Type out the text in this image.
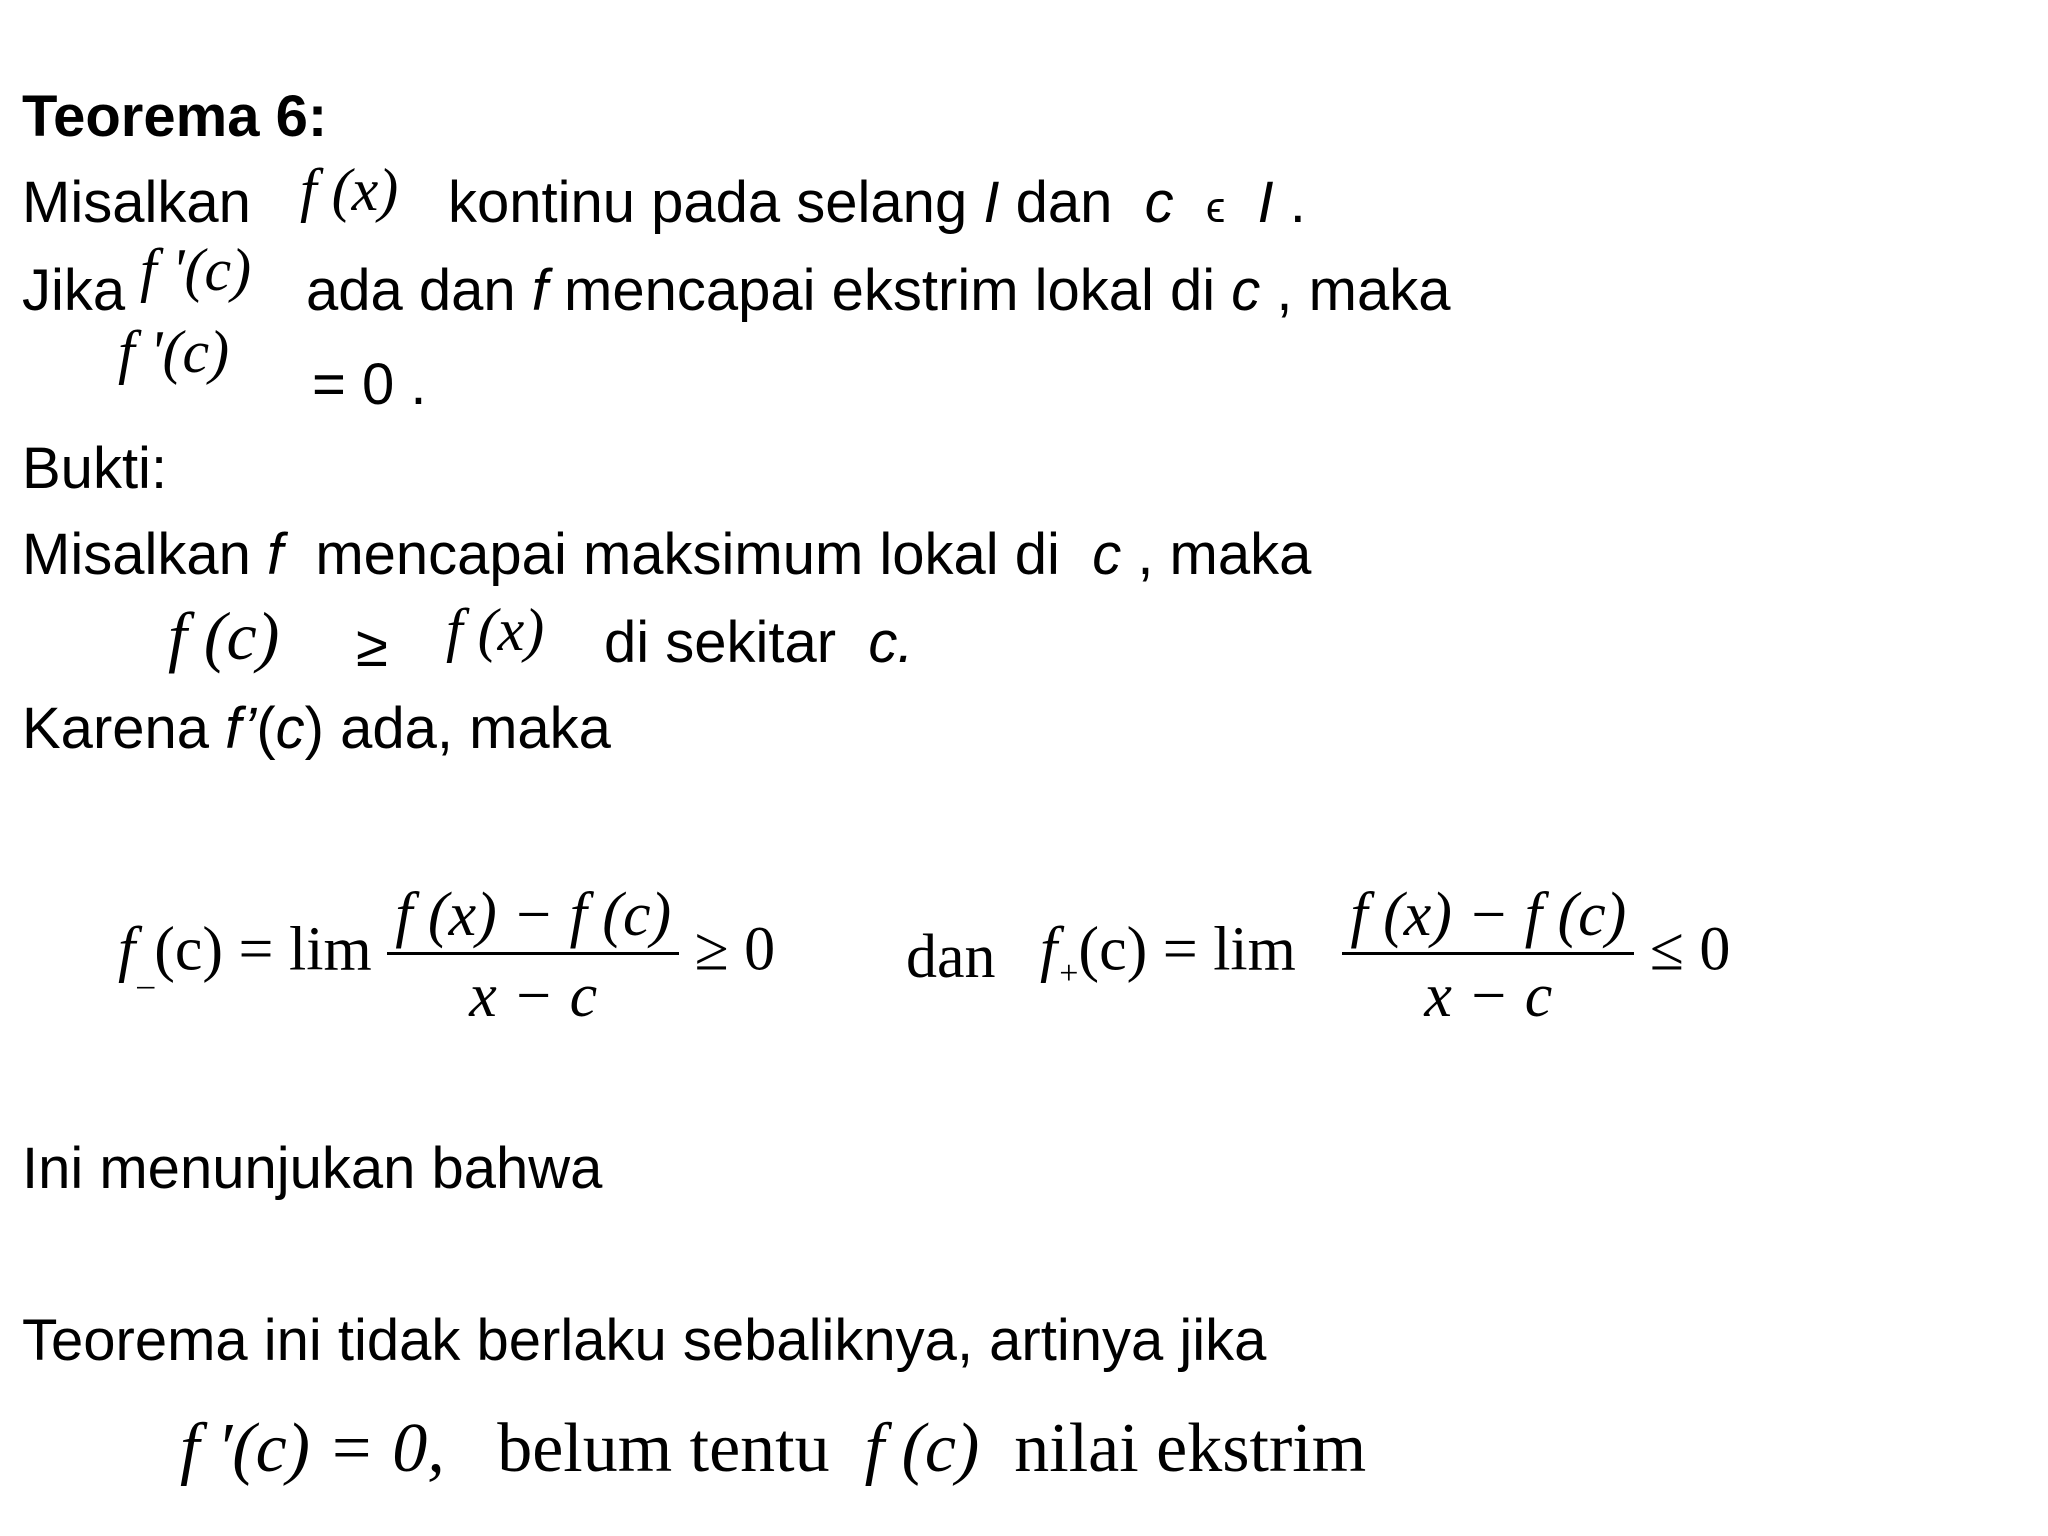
Teorema 6:
Misalkan f (x) kontinu pada selang I dan c ϵ I .
Jika f '(c) ada dan f mencapai ekstrim lokal di c , maka
f '(c) = 0 .
Bukti:
Misalkan f mencapai maksimum lokal di c , maka
f (c) ≥ f (x) di sekitar c.
Karena f’(c) ada, maka
$f_{\_}(c) = \lim \frac{f (x) - f (c)}{x - c} \ge 0$ dan $f_+(c) = \lim \frac{f (x) - f (c)}{x - c} \le 0$
Ini menunjukan bahwa
Teorema ini tidak berlaku sebaliknya, artinya jika
f ′(c) = 0, belum tentu f (c) nilai ekstrim
